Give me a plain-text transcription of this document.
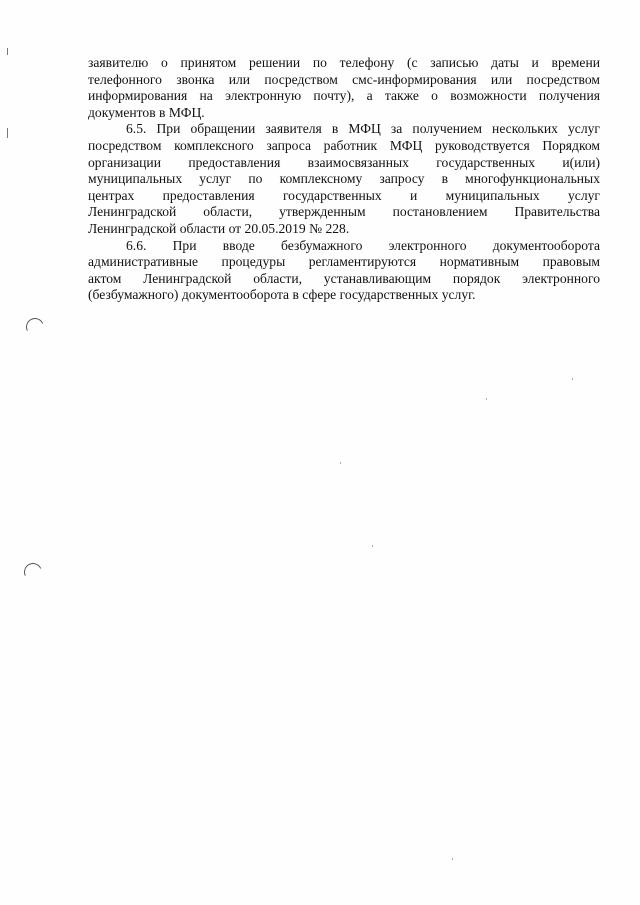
заявителю о принятом решении по телефону (с записью даты и времени
телефонного звонка или посредством смс-информирования или посредством
информирования на электронную почту), а также о возможности получения
документов в МФЦ.
6.5. При обращении заявителя в МФЦ за получением нескольких услуг
посредством комплексного запроса работник МФЦ руководствуется Порядком
организации предоставления взаимосвязанных государственных и(или)
муниципальных услуг по комплексному запросу в многофункциональных
центрах предоставления государственных и муниципальных услуг
Ленинградской области, утвержденным постановлением Правительства
Ленинградской области от 20.05.2019 № 228.
6.6. При вводе безбумажного электронного документооборота
административные процедуры регламентируются нормативным правовым
актом Ленинградской области, устанавливающим порядок электронного
(безбумажного) документооборота в сфере государственных услуг.
